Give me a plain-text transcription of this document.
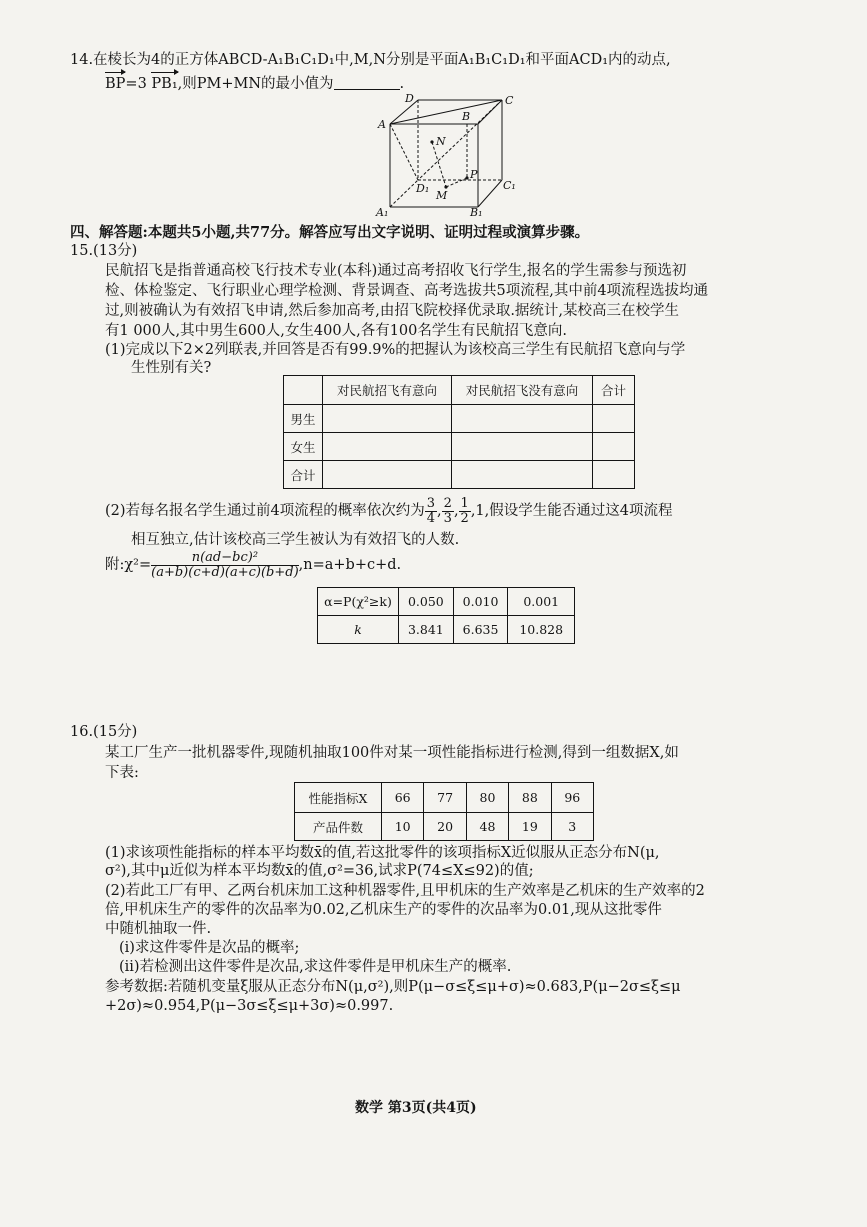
14.在棱长为4的正方体ABCD-A₁B₁C₁D₁中,M,N分别是平面A₁B₁C₁D₁和平面ACD₁内的动点,
BP=3 PB₁,则PM+MN的最小值为	.
A
B
C
D
A₁	B₁
C₁
D₁
M
N
P
四、解答题:本题共5小题,共77分。解答应写出文字说明、证明过程或演算步骤。
15.(13分)
民航招飞是指普通高校飞行技术专业(本科)通过高考招收飞行学生,报名的学生需参与预选初
检、体检鉴定、飞行职业心理学检测、背景调查、高考选拔共5项流程,其中前4项流程选拔均通
过,则被确认为有效招飞申请,然后参加高考,由招飞院校择优录取.据统计,某校高三在校学生
有1 000人,其中男生600人,女生400人,各有100名学生有民航招飞意向.
(1)完成以下2×2列联表,并回答是否有99.9%的把握认为该校高三学生有民航招飞意向与学
生性别有关?
	对民航招飞有意向	对民航招飞没有意向	合计
男生			
女生			
合计			
(2)若每名报名学生通过前4项流程的概率依次约为 $\frac{3}{4}$ , $\frac{2}{3}$ , $\frac{1}{2} ,1$,假设学生能否通过这4项流程
相互独立,估计该校高三学生被认为有效招飞的人数.
附:χ²= $\frac{\text{n(ad−bc)²}}{(a+b)(c+d)(a+c)(b+d)} ,n=a+b+c+d$.
α=P(χ²≥k)	0.050	0.010	0.001
k	3.841	6.635	10.828
16.(15分)
某工厂生产一批机器零件,现随机抽取100件对某一项性能指标进行检测,得到一组数据X,如
下表:
性能指标X	66	77	80	88	96
产品件数	10	20	48	19	3
(1)求该项性能指标的样本平均数x̄的值,若这批零件的该项指标X近似服从正态分布N(μ,
σ²),其中μ近似为样本平均数x̄的值,σ²=36,试求P(74≤X≤92)的值;
(2)若此工厂有甲、乙两台机床加工这种机器零件,且甲机床的生产效率是乙机床的生产效率的2
倍,甲机床生产的零件的次品率为0.02,乙机床生产的零件的次品率为0.01,现从这批零件
中随机抽取一件.
(i)求这件零件是次品的概率;
(ii)若检测出这件零件是次品,求这件零件是甲机床生产的概率.
参考数据:若随机变量ξ服从正态分布N(μ,σ²),则P(μ−σ≤ξ≤μ+σ)≈0.683,P(μ−2σ≤ξ≤μ
+2σ)≈0.954,P(μ−3σ≤ξ≤μ+3σ)≈0.997.
数学 第3页(共4页)
